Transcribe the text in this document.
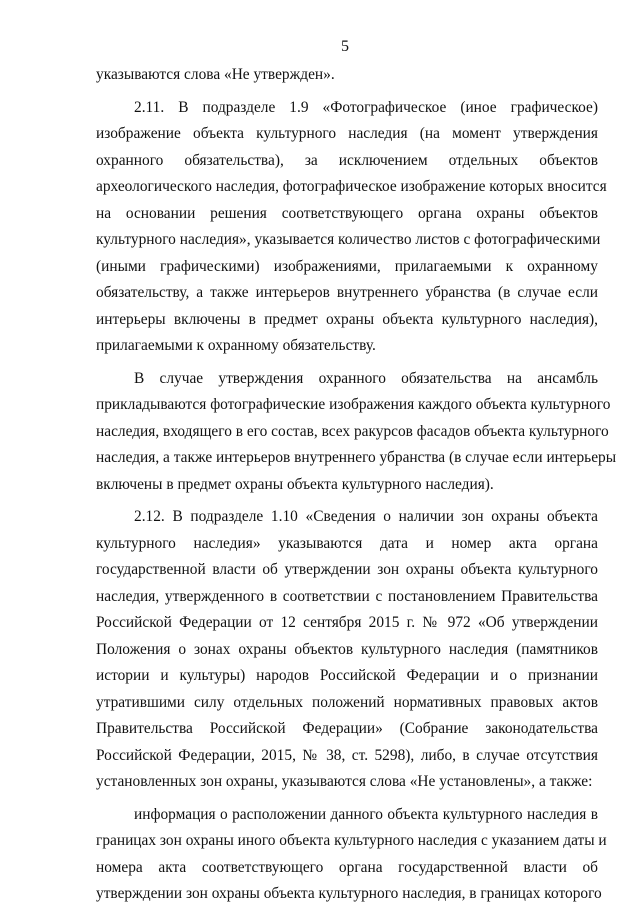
5
указываются слова «Не утвержден».
2.11. В подразделе 1.9 «Фотографическое (иное графическое)
изображение объекта культурного наследия (на момент утверждения
охранного обязательства), за исключением отдельных объектов
археологического наследия, фотографическое изображение которых вносится
на основании решения соответствующего органа охраны объектов
культурного наследия», указывается количество листов с фотографическими
(иными графическими) изображениями, прилагаемыми к охранному
обязательству, а также интерьеров внутреннего убранства (в случае если
интерьеры включены в предмет охраны объекта культурного наследия),
прилагаемыми к охранному обязательству.
В случае утверждения охранного обязательства на ансамбль
прикладываются фотографические изображения каждого объекта культурного
наследия, входящего в его состав, всех ракурсов фасадов объекта культурного
наследия, а также интерьеров внутреннего убранства (в случае если интерьеры
включены в предмет охраны объекта культурного наследия).
2.12. В подразделе 1.10 «Сведения о наличии зон охраны объекта
культурного наследия» указываются дата и номер акта органа
государственной власти об утверждении зон охраны объекта культурного
наследия, утвержденного в соответствии с постановлением Правительства
Российской Федерации от 12 сентября 2015 г. № 972 «Об утверждении
Положения о зонах охраны объектов культурного наследия (памятников
истории и культуры) народов Российской Федерации и о признании
утратившими силу отдельных положений нормативных правовых актов
Правительства Российской Федерации» (Собрание законодательства
Российской Федерации, 2015, № 38, ст. 5298), либо, в случае отсутствия
установленных зон охраны, указываются слова «Не установлены», а также:
информация о расположении данного объекта культурного наследия в
границах зон охраны иного объекта культурного наследия с указанием даты и
номера акта соответствующего органа государственной власти об
утверждении зон охраны объекта культурного наследия, в границах которого
